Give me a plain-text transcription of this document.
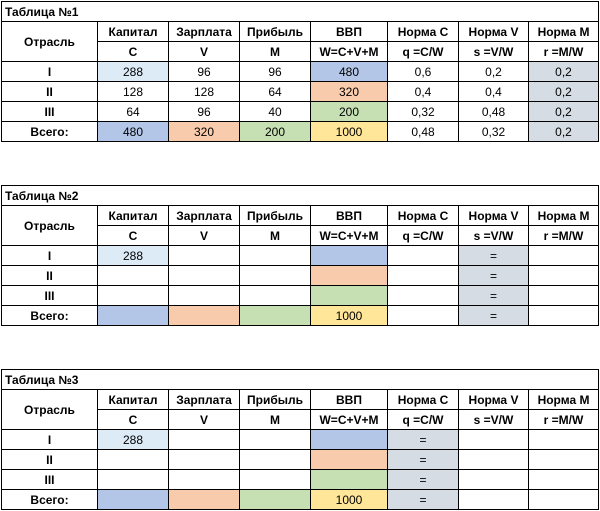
Таблица №1							
Отрасль	Капитал	Зарплата	Прибыль	ВВП	Норма C	Норма V	Норма M
	C	V	M	W=C+V+M	q =C/W	s =V/W	r =M/W
I	288	96	96	480	0,6	0,2	0,2
II	128	128	64	320	0,4	0,4	0,2
III	64	96	40	200	0,32	0,48	0,2
Всего:	480	320	200	1000	0,48	0,32	0,2
Таблица №2							
Отрасль	Капитал	Зарплата	Прибыль	ВВП	Норма C	Норма V	Норма M
	C	V	M	W=C+V+M	q =C/W	s =V/W	r =M/W
I	288					=	
II						=	
III						=	
Всего:				1000		=	
Таблица №3							
Отрасль	Капитал	Зарплата	Прибыль	ВВП	Норма C	Норма V	Норма M
	C	V	M	W=C+V+M	q =C/W	s =V/W	r =M/W
I	288				=		
II					=		
III					=		
Всего:				1000	=		
